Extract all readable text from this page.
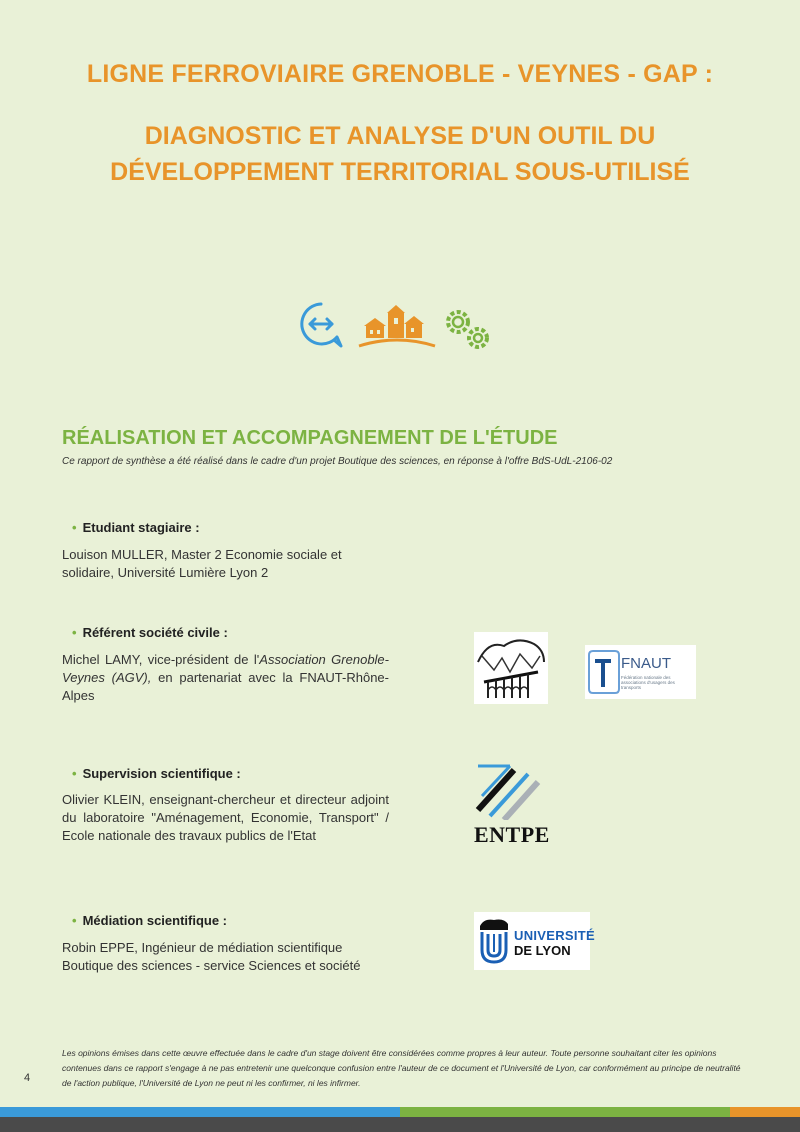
LIGNE FERROVIAIRE GRENOBLE - VEYNES - GAP :
DIAGNOSTIC ET ANALYSE D'UN OUTIL DU
DÉVELOPPEMENT TERRITORIAL SOUS-UTILISÉ
RÉALISATION ET ACCOMPAGNEMENT DE L'ÉTUDE
Ce rapport de synthèse a été réalisé dans le cadre d'un projet Boutique des sciences, en réponse à l'offre BdS-UdL-2106-02
• Etudiant stagiaire :
Louison MULLER, Master 2 Economie sociale et
solidaire, Université Lumière Lyon 2
• Référent société civile :
Michel LAMY, vice-président de l'Association Grenoble-Veynes (AGV), en partenariat avec la FNAUT-Rhône-Alpes
• Supervision scientifique :
Olivier KLEIN, enseignant-chercheur et directeur adjoint du laboratoire "Aménagement, Economie, Transport" / Ecole nationale des travaux publics de l'Etat
• Médiation scientifique :
Robin EPPE, Ingénieur de médiation scientifique
Boutique des sciences - service Sciences et société
FNAUT
Fédération nationale des associations d'usagers des transports
ENTPE
UNIVERSITÉ
DE LYON
Les opinions émises dans cette œuvre effectuée dans le cadre d'un stage doivent être considérées comme propres à leur auteur. Toute personne souhaitant citer les opinions contenues dans ce rapport s'engage à ne pas entretenir une quelconque confusion entre l'auteur de ce document et l'Université de Lyon, car conformément au principe de neutralité de l'action publique, l'Université de Lyon ne peut ni les confirmer, ni les infirmer.
4
